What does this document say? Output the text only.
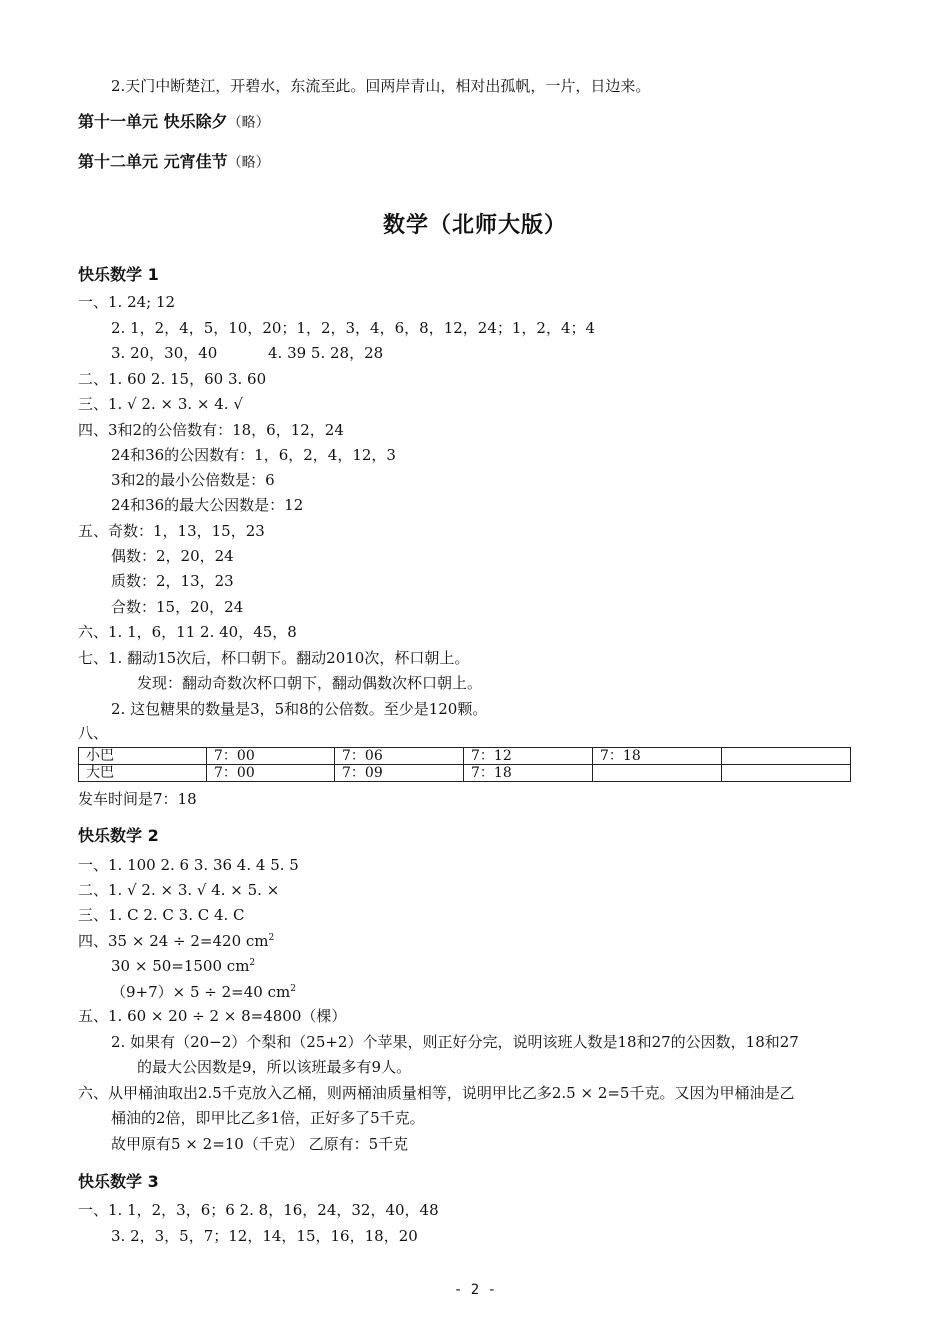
2.天门中断楚江，开碧水，东流至此。回两岸青山，相对出孤帆，一片，日边来。
第十一单元 快乐除夕（略）
第十二单元 元宵佳节（略）
数学（北师大版）
快乐数学 1
一、1. 24; 12
2. 1，2，4，5，10，20；1，2，3，4，6，8，12，24；1，2，4；4
3. 20，30，40	4. 39 5. 28，28
二、1. 60 2. 15，60 3. 60
三、1. √ 2. × 3. × 4. √
四、3和2的公倍数有：18，6，12，24
24和36的公因数有：1，6，2，4，12，3
3和2的最小公倍数是：6
24和36的最大公因数是：12
五、奇数：1，13，15，23
偶数：2，20，24
质数：2，13，23
合数：15，20，24
六、1. 1，6，11 2. 40，45，8
七、1. 翻动15次后，杯口朝下。翻动2010次，杯口朝上。
发现：翻动奇数次杯口朝下，翻动偶数次杯口朝上。
2. 这包糖果的数量是3，5和8的公倍数。至少是120颗。
八、
小巴	7：00	7：06	7：12	7：18	
大巴	7：00	7：09	7：18		
发车时间是7：18
快乐数学 2
一、1. 100 2. 6 3. 36 4. 4 5. 5
二、1. √ 2. × 3. √ 4. × 5. ×
三、1. C 2. C 3. C 4. C
四、35 × 24 ÷ 2=420 $cm^2$
30 × 50=1500 $cm^2$
（9+7）× 5 ÷ 2=40 $cm^2$
五、1. 60 × 20 ÷ 2 × 8=4800（棵）
2. 如果有（20−2）个梨和（25+2）个苹果，则正好分完，说明该班人数是18和27的公因数，18和27
的最大公因数是9，所以该班最多有9人。
六、从甲桶油取出2.5千克放入乙桶，则两桶油质量相等，说明甲比乙多2.5 × 2=5千克。又因为甲桶油是乙
桶油的2倍，即甲比乙多1倍，正好多了5千克。
故甲原有5 × 2=10（千克） 乙原有：5千克
快乐数学 3
一、1. 1，2，3，6；6 2. 8，16，24，32，40，48
3. 2，3，5，7；12，14，15，16，18，20
- 2 -
